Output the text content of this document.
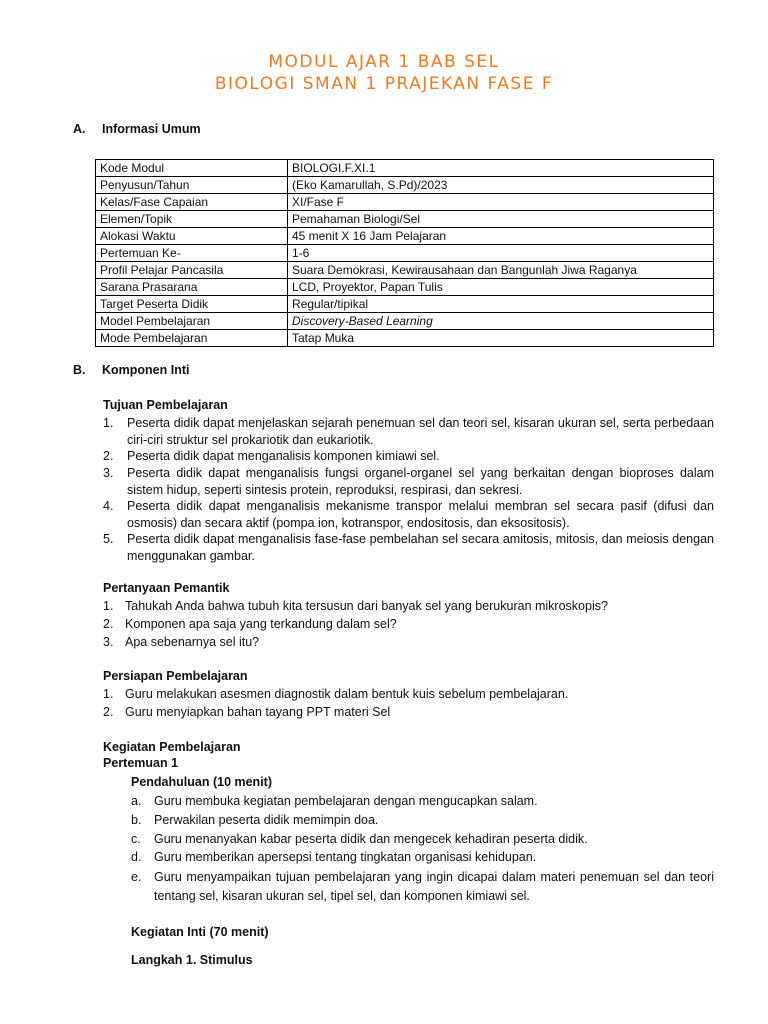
MODUL AJAR 1 BAB SEL
BIOLOGI SMAN 1 PRAJEKAN FASE F
A. Informasi Umum
Kode Modul	BIOLOGI.F.XI.1
Penyusun/Tahun	(Eko Kamarullah, S.Pd)/2023
Kelas/Fase Capaian	XI/Fase F
Elemen/Topik	Pemahaman Biologi/Sel
Alokasi Waktu	45 menit X 16 Jam Pelajaran
Pertemuan Ke-	1-6
Profil Pelajar Pancasila	Suara Demokrasi, Kewirausahaan dan Bangunlah Jiwa Raganya
Sarana Prasarana	LCD, Proyektor, Papan Tulis
Target Peserta Didik	Regular/tipikal
Model Pembelajaran	Discovery-Based Learning
Mode Pembelajaran	Tatap Muka
B. Komponen Inti
Tujuan Pembelajaran
1. Peserta didik dapat menjelaskan sejarah penemuan sel dan teori sel, kisaran ukuran sel, serta perbedaan ciri-ciri struktur sel prokariotik dan eukariotik.
2. Peserta didik dapat menganalisis komponen kimiawi sel.
3. Peserta didik dapat menganalisis fungsi organel-organel sel yang berkaitan dengan bioproses dalam sistem hidup, seperti sintesis protein, reproduksi, respirasi, dan sekresi.
4. Peserta didik dapat menganalisis mekanisme transpor melalui membran sel secara pasif (difusi dan osmosis) dan secara aktif (pompa ion, kotranspor, endositosis, dan eksositosis).
5. Peserta didik dapat menganalisis fase-fase pembelahan sel secara amitosis, mitosis, dan meiosis dengan menggunakan gambar.
Pertanyaan Pemantik
1. Tahukah Anda bahwa tubuh kita tersusun dari banyak sel yang berukuran mikroskopis?
2. Komponen apa saja yang terkandung dalam sel?
3. Apa sebenarnya sel itu?
Persiapan Pembelajaran
1. Guru melakukan asesmen diagnostik dalam bentuk kuis sebelum pembelajaran.
2. Guru menyiapkan bahan tayang PPT materi Sel
Kegiatan Pembelajaran
Pertemuan 1
Pendahuluan (10 menit)
a. Guru membuka kegiatan pembelajaran dengan mengucapkan salam.
b. Perwakilan peserta didik memimpin doa.
c. Guru menanyakan kabar peserta didik dan mengecek kehadiran peserta didik.
d. Guru memberikan apersepsi tentang tingkatan organisasi kehidupan.
e. Guru menyampaikan tujuan pembelajaran yang ingin dicapai dalam materi penemuan sel dan teori tentang sel, kisaran ukuran sel, tipel sel, dan komponen kimiawi sel.
Kegiatan Inti (70 menit)
Langkah 1. Stimulus
